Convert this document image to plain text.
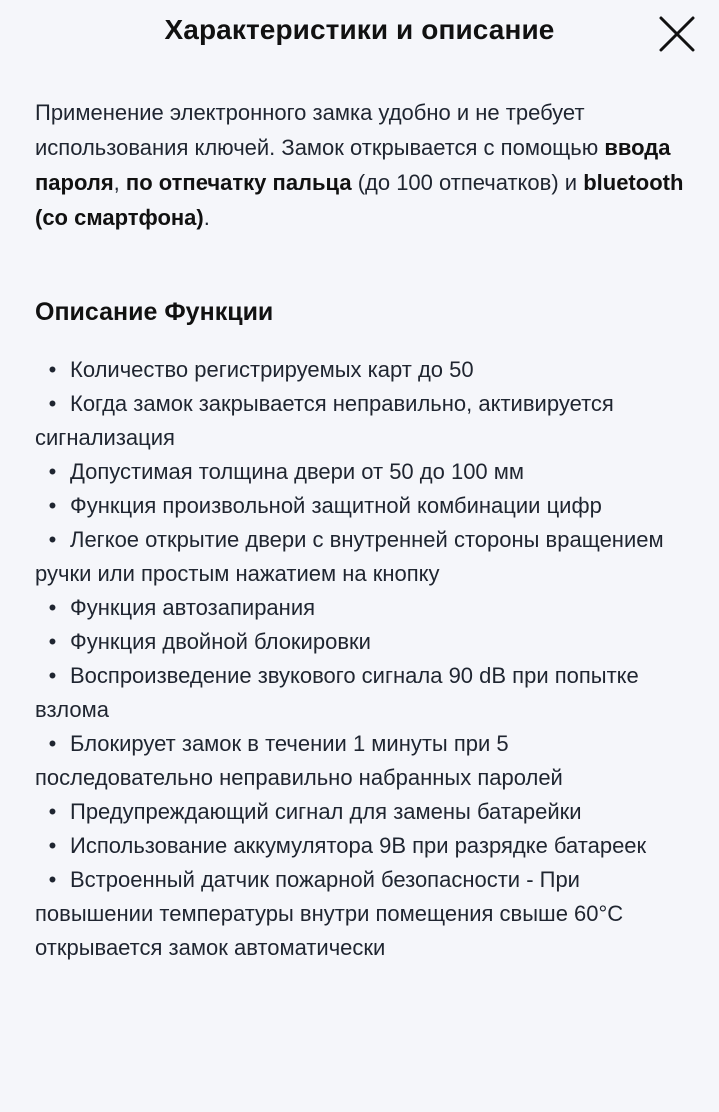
Характеристики и описание

Применение электронного замка удобно и не требует использования ключей. Замок открывается с помощью ввода пароля, по отпечатку пальца (до 100 отпечатков) и bluetooth (со смартфона).

Описание Функции
• Количество регистрируемых карт до 50
• Когда замок закрывается неправильно, активируется сигнализация
• Допустимая толщина двери от 50 до 100 мм
• Функция произвольной защитной комбинации цифр
• Легкое открытие двери с внутренней стороны вращением ручки или простым нажатием на кнопку
• Функция автозапирания
• Функция двойной блокировки
• Воспроизведение звукового сигнала 90 dB при попытке взлома
• Блокирует замок в течении 1 минуты при 5 последовательно неправильно набранных паролей
• Предупреждающий сигнал для замены батарейки
• Использование аккумулятора 9В при разрядке батареек
• Встроенный датчик пожарной безопасности - При повышении температуры внутри помещения свыше 60°С открывается замок автоматически
